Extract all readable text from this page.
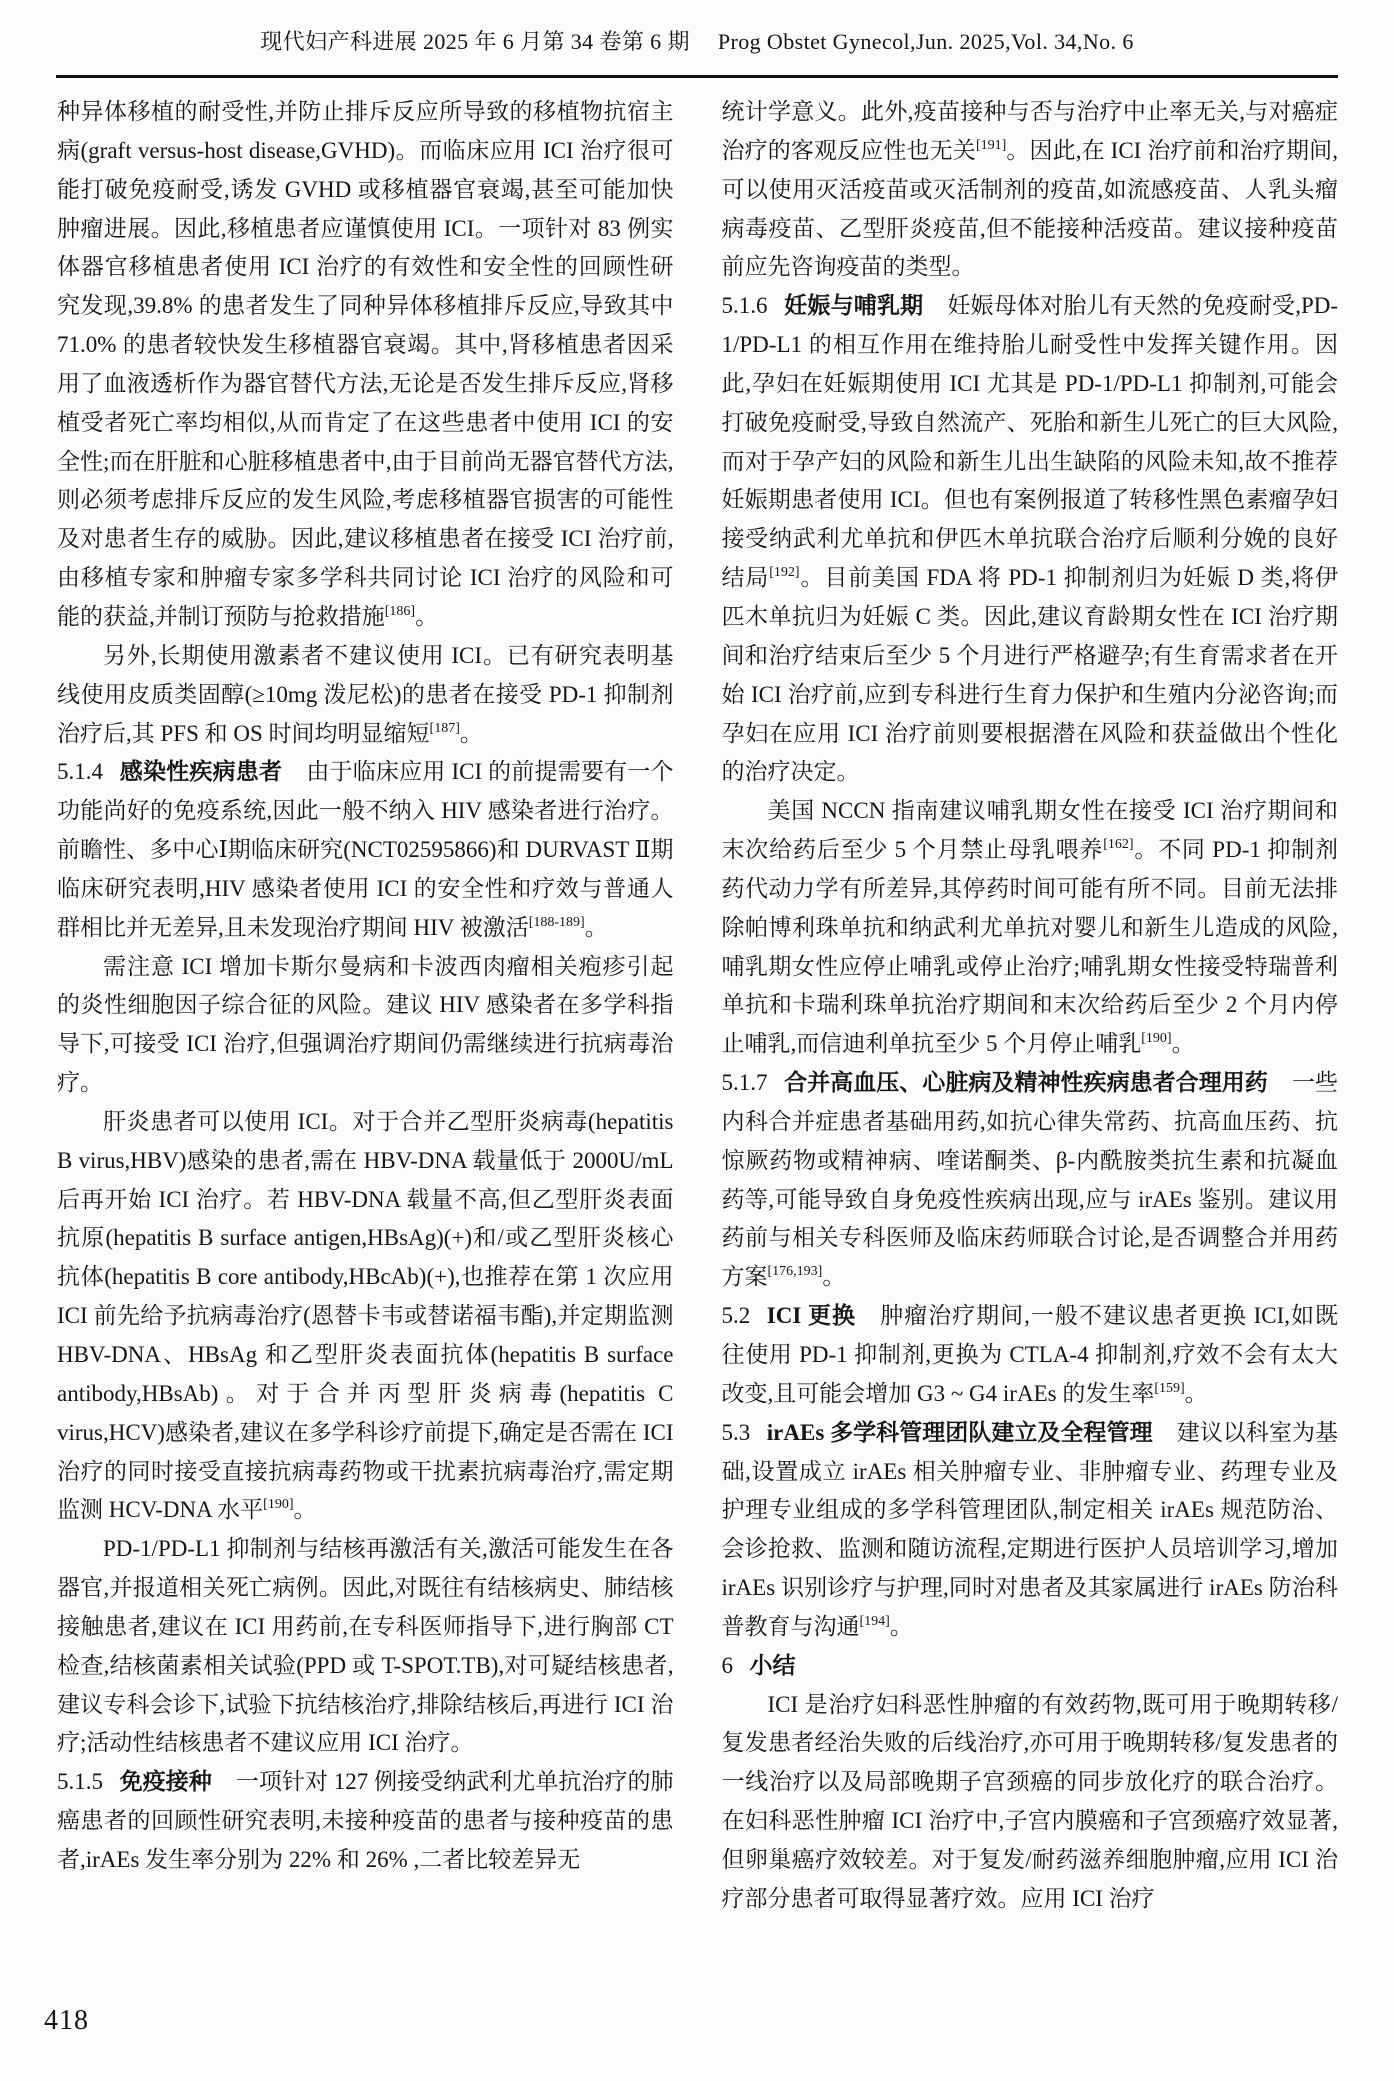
现代妇产科进展 2025 年 6 月第 34 卷第 6 期 Prog Obstet Gynecol,Jun. 2025,Vol. 34,No. 6

种异体移植的耐受性,并防止排斥反应所导致的移植物抗宿主病(graft versus-host disease,GVHD)。而临床应用 ICI 治疗很可能打破免疫耐受,诱发 GVHD 或移植器官衰竭,甚至可能加快肿瘤进展。因此,移植患者应谨慎使用 ICI。一项针对 83 例实体器官移植患者使用 ICI 治疗的有效性和安全性的回顾性研究发现,39.8% 的患者发生了同种异体移植排斥反应,导致其中 71.0% 的患者较快发生移植器官衰竭。其中,肾移植患者因采用了血液透析作为器官替代方法,无论是否发生排斥反应,肾移植受者死亡率均相似,从而肯定了在这些患者中使用 ICI 的安全性;而在肝脏和心脏移植患者中,由于目前尚无器官替代方法,则必须考虑排斥反应的发生风险,考虑移植器官损害的可能性及对患者生存的威胁。因此,建议移植患者在接受 ICI 治疗前,由移植专家和肿瘤专家多学科共同讨论 ICI 治疗的风险和可能的获益,并制订预防与抢救措施[186]。

另外,长期使用激素者不建议使用 ICI。已有研究表明基线使用皮质类固醇(≥10mg 泼尼松)的患者在接受 PD-1 抑制剂治疗后,其 PFS 和 OS 时间均明显缩短[187]。

5.1.4 感染性疾病患者 由于临床应用 ICI 的前提需要有一个功能尚好的免疫系统,因此一般不纳入 HIV 感染者进行治疗。前瞻性、多中心Ⅰ期临床研究(NCT02595866)和 DURVAST Ⅱ期临床研究表明,HIV 感染者使用 ICI 的安全性和疗效与普通人群相比并无差异,且未发现治疗期间 HIV 被激活[188-189]。

需注意 ICI 增加卡斯尔曼病和卡波西肉瘤相关疱疹引起的炎性细胞因子综合征的风险。建议 HIV 感染者在多学科指导下,可接受 ICI 治疗,但强调治疗期间仍需继续进行抗病毒治疗。

肝炎患者可以使用 ICI。对于合并乙型肝炎病毒(hepatitis B virus,HBV)感染的患者,需在 HBV-DNA 载量低于 2000U/mL 后再开始 ICI 治疗。若 HBV-DNA 载量不高,但乙型肝炎表面抗原(hepatitis B surface antigen,HBsAg)(+)和/或乙型肝炎核心抗体(hepatitis B core antibody,HBcAb)(+),也推荐在第 1 次应用 ICI 前先给予抗病毒治疗(恩替卡韦或替诺福韦酯),并定期监测 HBV-DNA、HBsAg 和乙型肝炎表面抗体(hepatitis B surface antibody,HBsAb)。对于合并丙型肝炎病毒(hepatitis C virus,HCV)感染者,建议在多学科诊疗前提下,确定是否需在 ICI 治疗的同时接受直接抗病毒药物或干扰素抗病毒治疗,需定期监测 HCV-DNA 水平[190]。

PD-1/PD-L1 抑制剂与结核再激活有关,激活可能发生在各器官,并报道相关死亡病例。因此,对既往有结核病史、肺结核接触患者,建议在 ICI 用药前,在专科医师指导下,进行胸部 CT 检查,结核菌素相关试验(PPD 或 T-SPOT.TB),对可疑结核患者,建议专科会诊下,试验下抗结核治疗,排除结核后,再进行 ICI 治疗;活动性结核患者不建议应用 ICI 治疗。

5.1.5 免疫接种 一项针对 127 例接受纳武利尤单抗治疗的肺癌患者的回顾性研究表明,未接种疫苗的患者与接种疫苗的患者,irAEs 发生率分别为 22% 和 26% ,二者比较差异无

统计学意义。此外,疫苗接种与否与治疗中止率无关,与对癌症治疗的客观反应性也无关[191]。因此,在 ICI 治疗前和治疗期间,可以使用灭活疫苗或灭活制剂的疫苗,如流感疫苗、人乳头瘤病毒疫苗、乙型肝炎疫苗,但不能接种活疫苗。建议接种疫苗前应先咨询疫苗的类型。

5.1.6 妊娠与哺乳期 妊娠母体对胎儿有天然的免疫耐受,PD-1/PD-L1 的相互作用在维持胎儿耐受性中发挥关键作用。因此,孕妇在妊娠期使用 ICI 尤其是 PD-1/PD-L1 抑制剂,可能会打破免疫耐受,导致自然流产、死胎和新生儿死亡的巨大风险,而对于孕产妇的风险和新生儿出生缺陷的风险未知,故不推荐妊娠期患者使用 ICI。但也有案例报道了转移性黑色素瘤孕妇接受纳武利尤单抗和伊匹木单抗联合治疗后顺利分娩的良好结局[192]。目前美国 FDA 将 PD-1 抑制剂归为妊娠 D 类,将伊匹木单抗归为妊娠 C 类。因此,建议育龄期女性在 ICI 治疗期间和治疗结束后至少 5 个月进行严格避孕;有生育需求者在开始 ICI 治疗前,应到专科进行生育力保护和生殖内分泌咨询;而孕妇在应用 ICI 治疗前则要根据潜在风险和获益做出个性化的治疗决定。

美国 NCCN 指南建议哺乳期女性在接受 ICI 治疗期间和末次给药后至少 5 个月禁止母乳喂养[162]。不同 PD-1 抑制剂药代动力学有所差异,其停药时间可能有所不同。目前无法排除帕博利珠单抗和纳武利尤单抗对婴儿和新生儿造成的风险,哺乳期女性应停止哺乳或停止治疗;哺乳期女性接受特瑞普利单抗和卡瑞利珠单抗治疗期间和末次给药后至少 2 个月内停止哺乳,而信迪利单抗至少 5 个月停止哺乳[190]。

5.1.7 合并高血压、心脏病及精神性疾病患者合理用药 一些内科合并症患者基础用药,如抗心律失常药、抗高血压药、抗惊厥药物或精神病、喹诺酮类、β-内酰胺类抗生素和抗凝血药等,可能导致自身免疫性疾病出现,应与 irAEs 鉴别。建议用药前与相关专科医师及临床药师联合讨论,是否调整合并用药方案[176,193]。

5.2 ICI 更换 肿瘤治疗期间,一般不建议患者更换 ICI,如既往使用 PD-1 抑制剂,更换为 CTLA-4 抑制剂,疗效不会有太大改变,且可能会增加 G3 ~ G4 irAEs 的发生率[159]。

5.3 irAEs 多学科管理团队建立及全程管理 建议以科室为基础,设置成立 irAEs 相关肿瘤专业、非肿瘤专业、药理专业及护理专业组成的多学科管理团队,制定相关 irAEs 规范防治、会诊抢救、监测和随访流程,定期进行医护人员培训学习,增加 irAEs 识别诊疗与护理,同时对患者及其家属进行 irAEs 防治科普教育与沟通[194]。

6 小结

ICI 是治疗妇科恶性肿瘤的有效药物,既可用于晚期转移/复发患者经治失败的后线治疗,亦可用于晚期转移/复发患者的一线治疗以及局部晚期子宫颈癌的同步放化疗的联合治疗。在妇科恶性肿瘤 ICI 治疗中,子宫内膜癌和子宫颈癌疗效显著,但卵巢癌疗效较差。对于复发/耐药滋养细胞肿瘤,应用 ICI 治疗部分患者可取得显著疗效。应用 ICI 治疗

418
